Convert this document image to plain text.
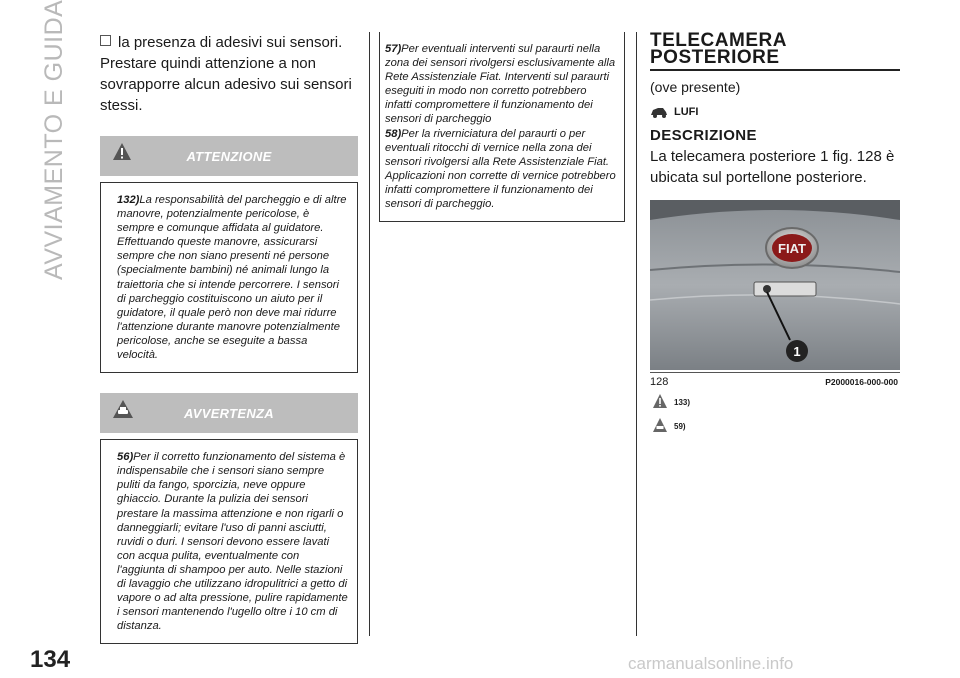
AVVIAMENTO E GUIDA
134	carmanualsonline.info

la presenza di adesivi sui sensori. Prestare quindi attenzione a non sovrapporre alcun adesivo sui sensori stessi.

ATTENZIONE
132)La responsabilità del parcheggio e di altre manovre, potenzialmente pericolose, è sempre e comunque affidata al guidatore. Effettuando queste manovre, assicurarsi sempre che non siano presenti né persone (specialmente bambini) né animali lungo la traiettoria che si intende percorrere. I sensori di parcheggio costituiscono un aiuto per il guidatore, il quale però non deve mai ridurre l'attenzione durante manovre potenzialmente pericolose, anche se eseguite a bassa velocità.
AVVERTENZA
56)Per il corretto funzionamento del sistema è indispensabile che i sensori siano sempre puliti da fango, sporcizia, neve oppure ghiaccio. Durante la pulizia dei sensori prestare la massima attenzione e non rigarli o danneggiarli; evitare l'uso di panni asciutti, ruvidi o duri. I sensori devono essere lavati con acqua pulita, eventualmente con l'aggiunta di shampoo per auto. Nelle stazioni di lavaggio che utilizzano idropulitrici a getto di vapore o ad alta pressione, pulire rapidamente i sensori mantenendo l'ugello oltre i 10 cm di distanza.
57)Per eventuali interventi sul paraurti nella zona dei sensori rivolgersi esclusivamente alla Rete Assistenziale Fiat. Interventi sul paraurti eseguiti in modo non corretto potrebbero infatti compromettere il funzionamento dei sensori di parcheggio
58)Per la riverniciatura del paraurti o per eventuali ritocchi di vernice nella zona dei sensori rivolgersi alla Rete Assistenziale Fiat. Applicazioni non corrette di vernice potrebbero infatti compromettere il funzionamento dei sensori di parcheggio.
TELECAMERA
POSTERIORE
(ove presente)
$^{LUFI}$
DESCRIZIONE
La telecamera posteriore 1 fig. 128 è ubicata sul portellone posteriore.
FIAT
1
128	P2000016-000-000
133)
59)
